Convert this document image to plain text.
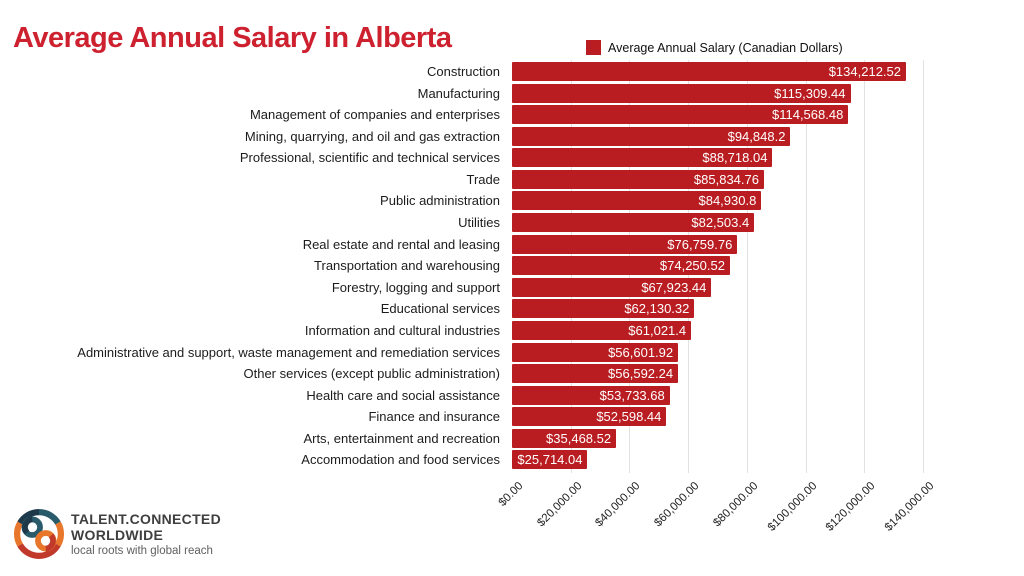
Average Annual Salary in Alberta	Average Annual Salary (Canadian Dollars)
Construction	$134,212.52
Manufacturing	$115,309.44
Management of companies and enterprises	$114,568.48
Mining, quarrying, and oil and gas extraction	$94,848.2
Professional, scientific and technical services	$88,718.04
Trade	$85,834.76
Public administration	$84,930.8
Utilities	$82,503.4
Real estate and rental and leasing	$76,759.76
Transportation and warehousing	$74,250.52
Forestry, logging and support	$67,923.44
Educational services	$62,130.32
Information and cultural industries	$61,021.4
Administrative and support, waste management and remediation services	$56,601.92
Other services (except public administration)	$56,592.24
Health care and social assistance	$53,733.68
Finance and insurance	$52,598.44
Arts, entertainment and recreation	$35,468.52
Accommodation and food services	$25,714.04
$0.00 $20,000.00 $40,000.00 $60,000.00 $80,000.00 $100,000.00 $120,000.00 $140,000.00
TALENT.CONNECTED
WORLDWIDE
local roots with global reach
